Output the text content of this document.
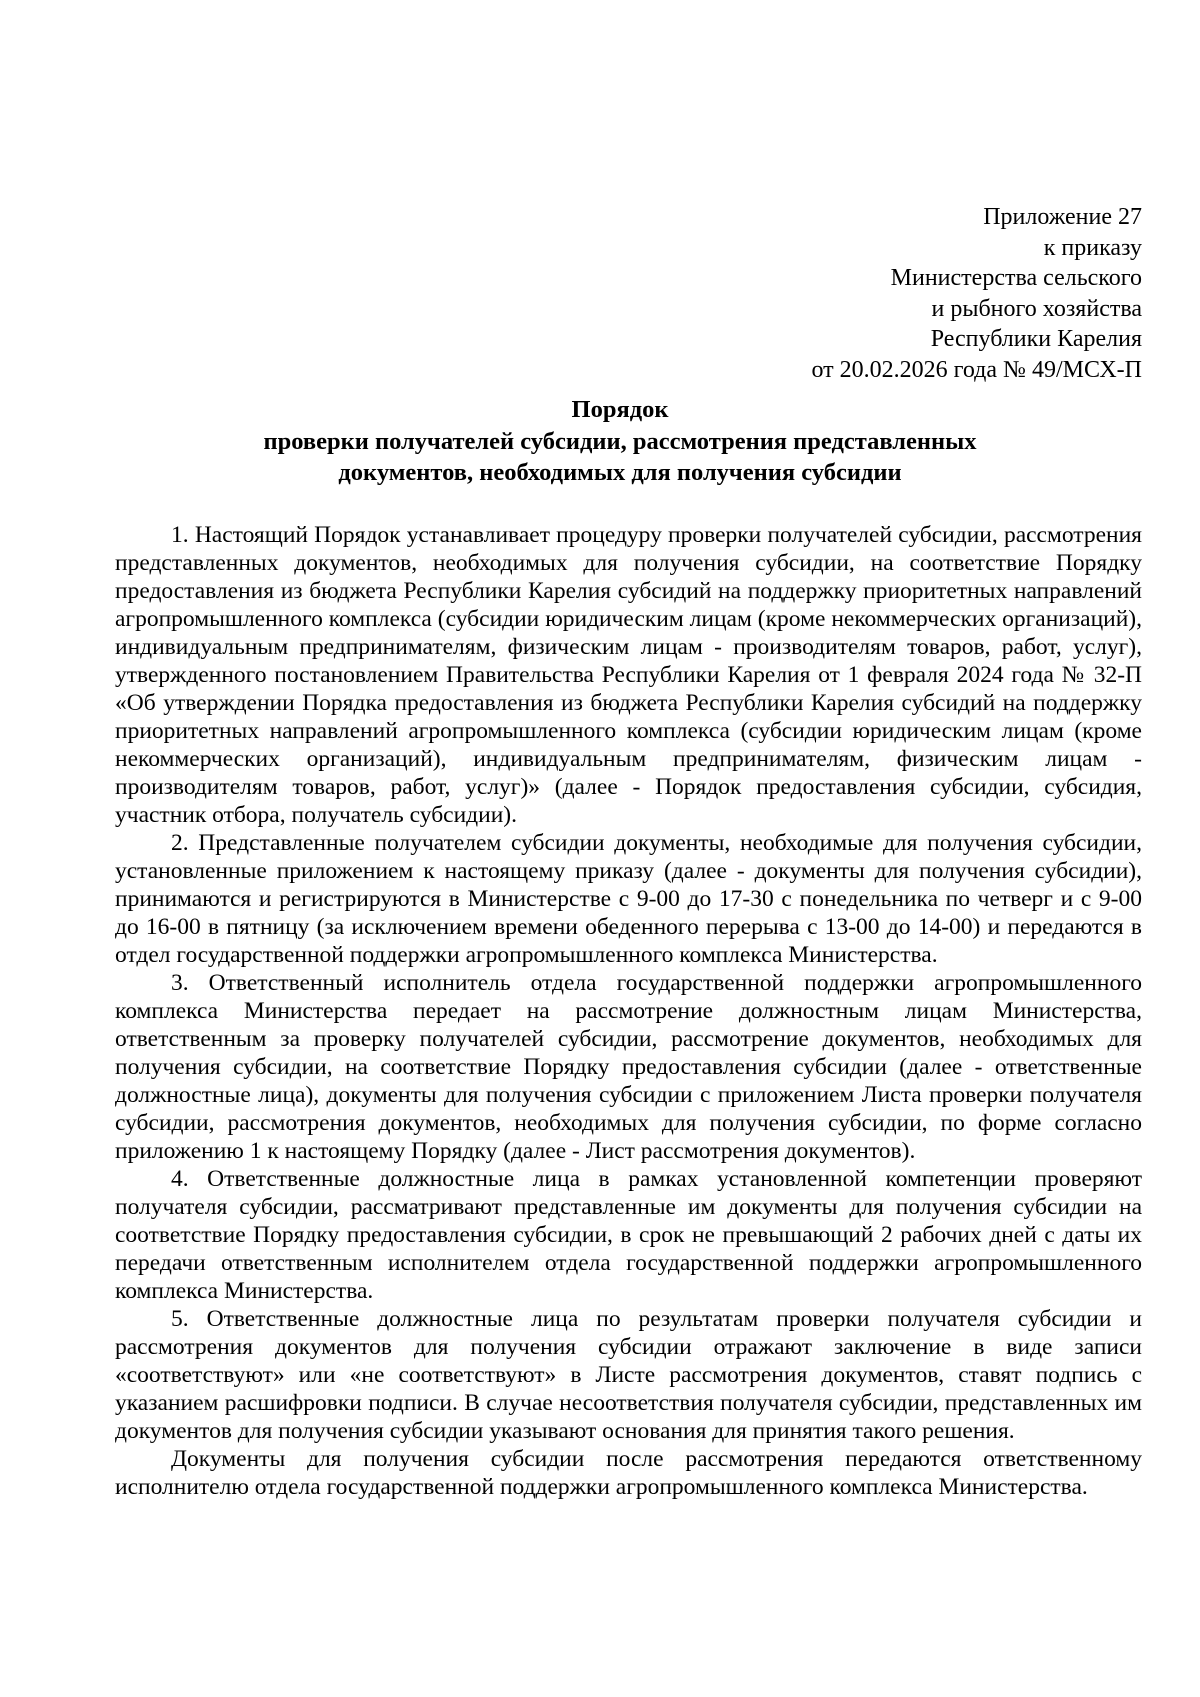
Приложение 27
к приказу
Министерства сельского
и рыбного хозяйства
Республики Карелия
от 20.02.2026 года № 49/МСХ-П
Порядок
проверки получателей субсидии, рассмотрения представленных
документов, необходимых для получения субсидии

1. Настоящий Порядок устанавливает процедуру проверки получателей субсидии, рассмотрения представленных документов, необходимых для получения субсидии, на соответствие Порядку предоставления из бюджета Республики Карелия субсидий на поддержку приоритетных направлений агропромышленного комплекса (субсидии юридическим лицам (кроме некоммерческих организаций), индивидуальным предпринимателям, физическим лицам - производителям товаров, работ, услуг), утвержденного постановлением Правительства Республики Карелия от 1 февраля 2024 года № 32-П «Об утверждении Порядка предоставления из бюджета Республики Карелия субсидий на поддержку приоритетных направлений агропромышленного комплекса (субсидии юридическим лицам (кроме некоммерческих организаций), индивидуальным предпринимателям, физическим лицам - производителям товаров, работ, услуг)» (далее - Порядок предоставления субсидии, субсидия, участник отбора, получатель субсидии).

2. Представленные получателем субсидии документы, необходимые для получения субсидии, установленные приложением к настоящему приказу (далее - документы для получения субсидии), принимаются и регистрируются в Министерстве с 9-00 до 17-30 с понедельника по четверг и с 9-00 до 16-00 в пятницу (за исключением времени обеденного перерыва с 13-00 до 14-00) и передаются в отдел государственной поддержки агропромышленного комплекса Министерства.

3. Ответственный исполнитель отдела государственной поддержки агропромышленного комплекса Министерства передает на рассмотрение должностным лицам Министерства, ответственным за проверку получателей субсидии, рассмотрение документов, необходимых для получения субсидии, на соответствие Порядку предоставления субсидии (далее - ответственные должностные лица), документы для получения субсидии с приложением Листа проверки получателя субсидии, рассмотрения документов, необходимых для получения субсидии, по форме согласно приложению 1 к настоящему Порядку (далее - Лист рассмотрения документов).

4. Ответственные должностные лица в рамках установленной компетенции проверяют получателя субсидии, рассматривают представленные им документы для получения субсидии на соответствие Порядку предоставления субсидии, в срок не превышающий 2 рабочих дней с даты их передачи ответственным исполнителем отдела государственной поддержки агропромышленного комплекса Министерства.

5. Ответственные должностные лица по результатам проверки получателя субсидии и рассмотрения документов для получения субсидии отражают заключение в виде записи «соответствуют» или «не соответствуют» в Листе рассмотрения документов, ставят подпись с указанием расшифровки подписи. В случае несоответствия получателя субсидии, представленных им документов для получения субсидии указывают основания для принятия такого решения.

Документы для получения субсидии после рассмотрения передаются ответственному исполнителю отдела государственной поддержки агропромышленного комплекса Министерства.
